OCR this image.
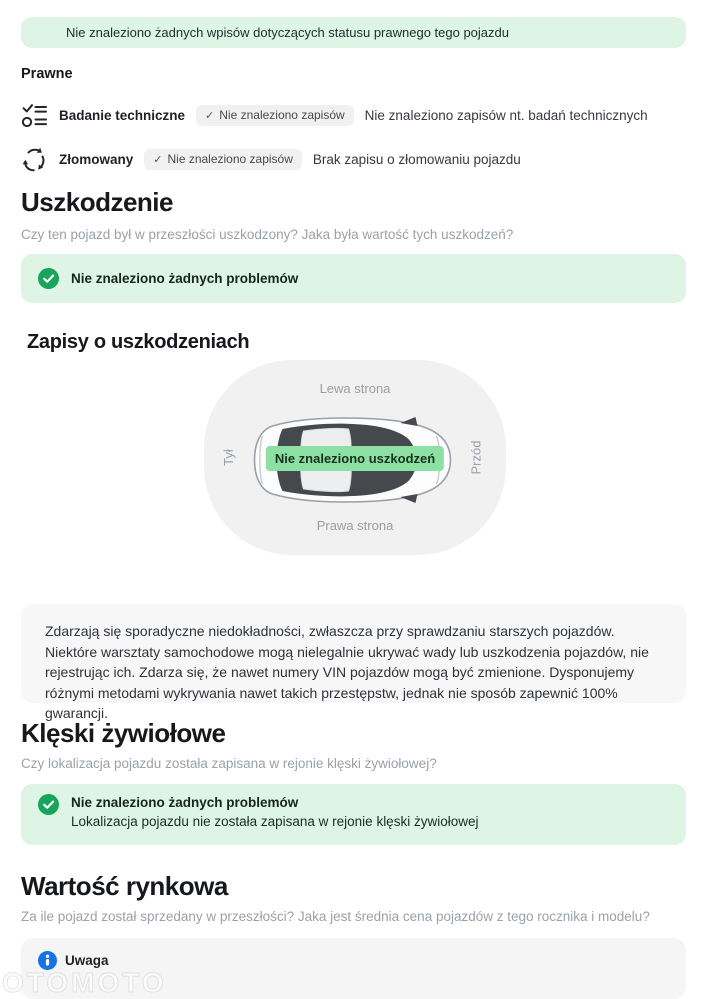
Nie znaleziono żadnych wpisów dotyczących statusu prawnego tego pojazdu
Prawne
Badanie techniczne ✓ Nie znaleziono zapisów Nie znaleziono zapisów nt. badań technicznych
Złomowany ✓ Nie znaleziono zapisów Brak zapisu o złomowaniu pojazdu
Uszkodzenie
Czy ten pojazd był w przeszłości uszkodzony? Jaka była wartość tych uszkodzeń?
Nie znaleziono żadnych problemów
Zapisy o uszkodzeniach
Lewa strona
Prawa strona
Tył	Przód
Nie znaleziono uszkodzeń
Zdarzają się sporadyczne niedokładności, zwłaszcza przy sprawdzaniu starszych pojazdów. Niektóre warsztaty samochodowe mogą nielegalnie ukrywać wady lub uszkodzenia pojazdów, nie rejestrując ich. Zdarza się, że nawet numery VIN pojazdów mogą być zmienione. Dysponujemy różnymi metodami wykrywania nawet takich przestępstw, jednak nie sposób zapewnić 100% gwarancji.
Klęski żywiołowe
Czy lokalizacja pojazdu została zapisana w rejonie klęski żywiołowej?
Nie znaleziono żadnych problemów
Lokalizacja pojazdu nie została zapisana w rejonie klęski żywiołowej
Wartość rynkowa
Za ile pojazd został sprzedany w przeszłości? Jaka jest średnia cena pojazdów z tego rocznika i modelu?
Uwaga
OTOMOTO
